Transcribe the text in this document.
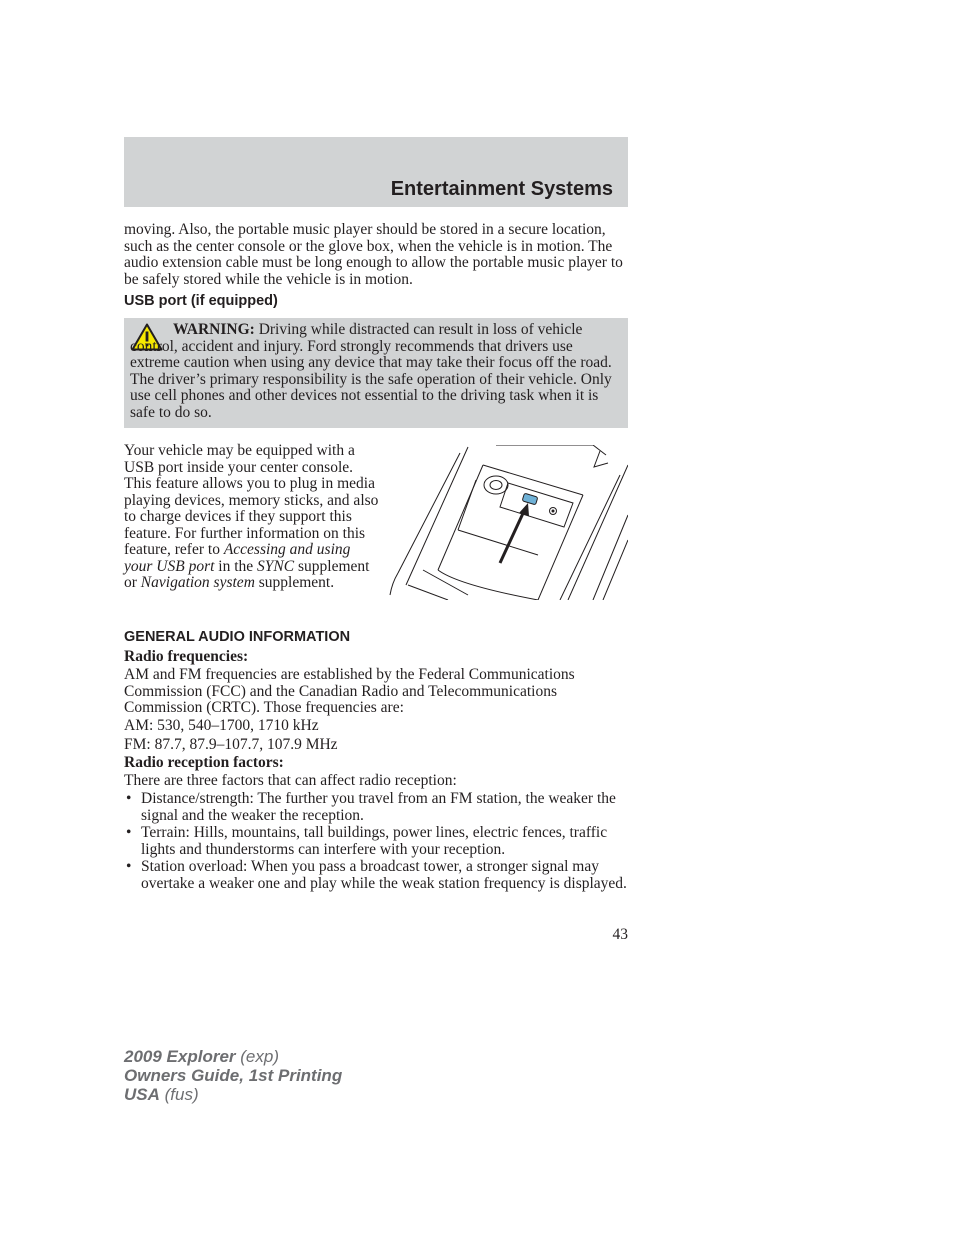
Entertainment Systems

moving. Also, the portable music player should be stored in a secure location, such as the center console or the glove box, when the vehicle is in motion. The audio extension cable must be long enough to allow the portable music player to be safely stored while the vehicle is in motion.

USB port (if equipped)

WARNING: Driving while distracted can result in loss of vehicle control, accident and injury. Ford strongly recommends that drivers use extreme caution when using any device that may take their focus off the road. The driver’s primary responsibility is the safe operation of their vehicle. Only use cell phones and other devices not essential to the driving task when it is safe to do so.

Your vehicle may be equipped with a USB port inside your center console. This feature allows you to plug in media playing devices, memory sticks, and also to charge devices if they support this feature. For further information on this feature, refer to Accessing and using your USB port in the SYNC supplement or Navigation system supplement.

GENERAL AUDIO INFORMATION

Radio frequencies:

AM and FM frequencies are established by the Federal Communications Commission (FCC) and the Canadian Radio and Telecommunications Commission (CRTC). Those frequencies are:

AM: 530, 540–1700, 1710 kHz

FM: 87.7, 87.9–107.7, 107.9 MHz

Radio reception factors:

There are three factors that can affect radio reception:

• Distance/strength: The further you travel from an FM station, the weaker the signal and the weaker the reception.
• Terrain: Hills, mountains, tall buildings, power lines, electric fences, traffic lights and thunderstorms can interfere with your reception.
• Station overload: When you pass a broadcast tower, a stronger signal may overtake a weaker one and play while the weak station frequency is displayed.

43

2009 Explorer (exp)
Owners Guide, 1st Printing
USA (fus)
